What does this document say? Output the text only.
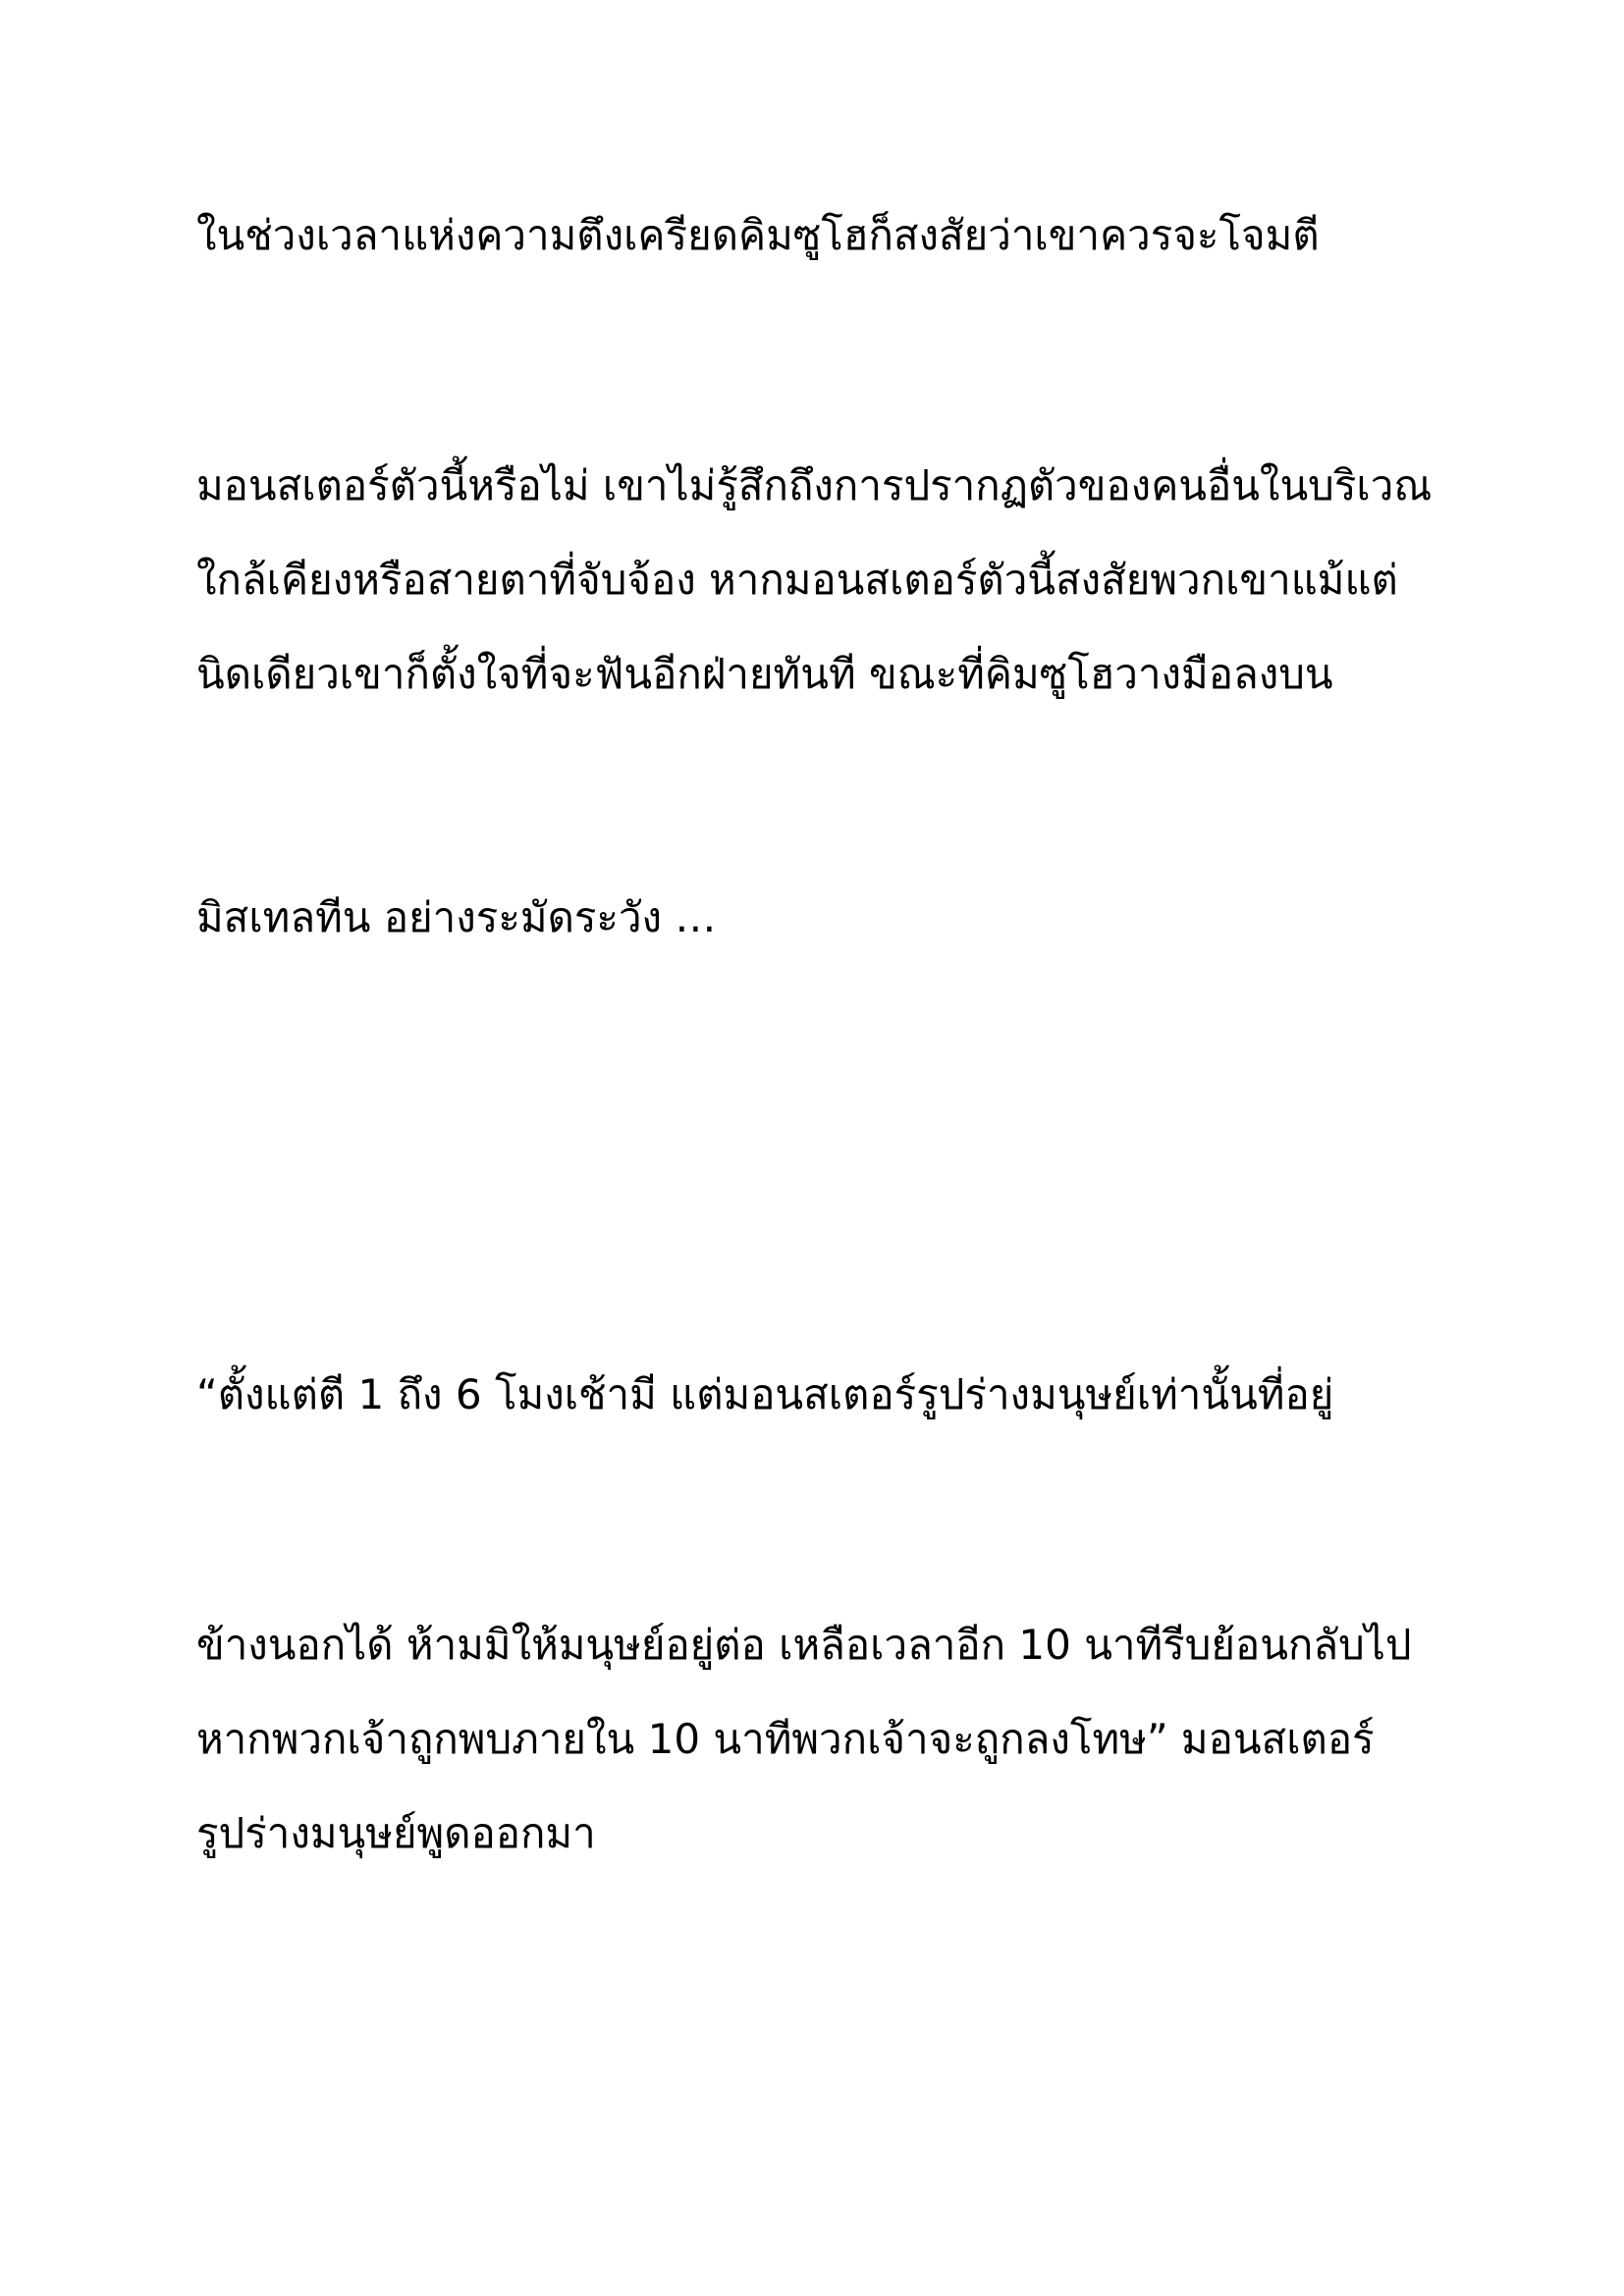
ในช่วงเวลาแห่งความตึงเครียดคิมซูโฮก็สงสัยว่าเขาควรจะโจมตี
มอนสเตอร์ตัวนี้หรือไม่ เขาไม่รู้สึกถึงการปรากฏตัวของคนอื่นในบริเวณ
ใกล้เคียงหรือสายตาที่จับจ้อง หากมอนสเตอร์ตัวนี้สงสัยพวกเขาแม้แต่
นิดเดียวเขาก็ตั้งใจที่จะฟันอีกฝ่ายทันที ขณะที่คิมซูโฮวางมือลงบน
มิสเทลทีน อย่างระมัดระวัง …
“ตั้งแต่ตี 1 ถึง 6 โมงเช้ามี แต่มอนสเตอร์รูปร่างมนุษย์เท่านั้นที่อยู่
ข้างนอกได้ ห้ามมิให้มนุษย์อยู่ต่อ เหลือเวลาอีก 10 นาทีรีบย้อนกลับไป
หากพวกเจ้าถูกพบภายใน 10 นาทีพวกเจ้าจะถูกลงโทษ” มอนสเตอร์
รูปร่างมนุษย์พูดออกมา
